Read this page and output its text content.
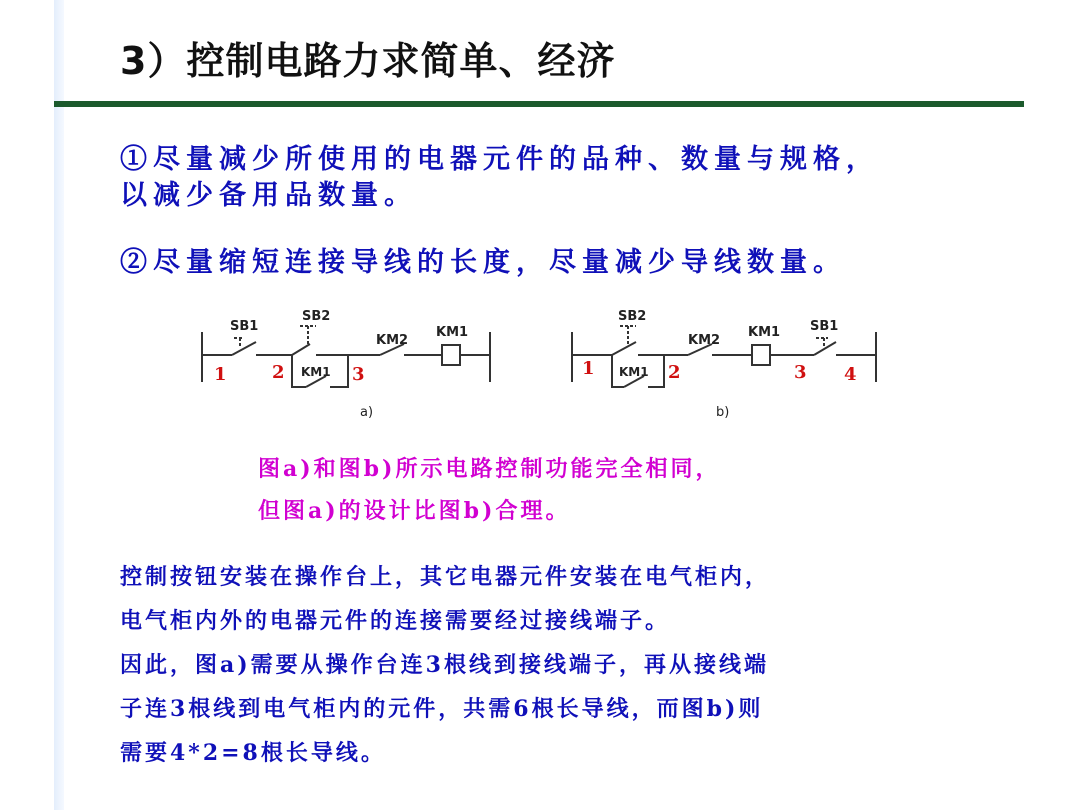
3）控制电路力求简单、经济
①尽量减少所使用的电器元件的品种、数量与规格，
以减少备用品数量。
②尽量缩短连接导线的长度，尽量减少导线数量。
SB1
SB2
KM2
KM1
KM1
a)
1	2	3
SB2
KM2
KM1 SB1
KM1
b)
1	2	3 4
图a)和图b)所示电路控制功能完全相同，
但图a)的设计比图b)合理。
控制按钮安装在操作台上，其它电器元件安装在电气柜内，
电气柜内外的电器元件的连接需要经过接线端子。
因此，图a)需要从操作台连3根线到接线端子，再从接线端
子连3根线到电气柜内的元件，共需6根长导线，而图b)则
需要4*2=8根长导线。
